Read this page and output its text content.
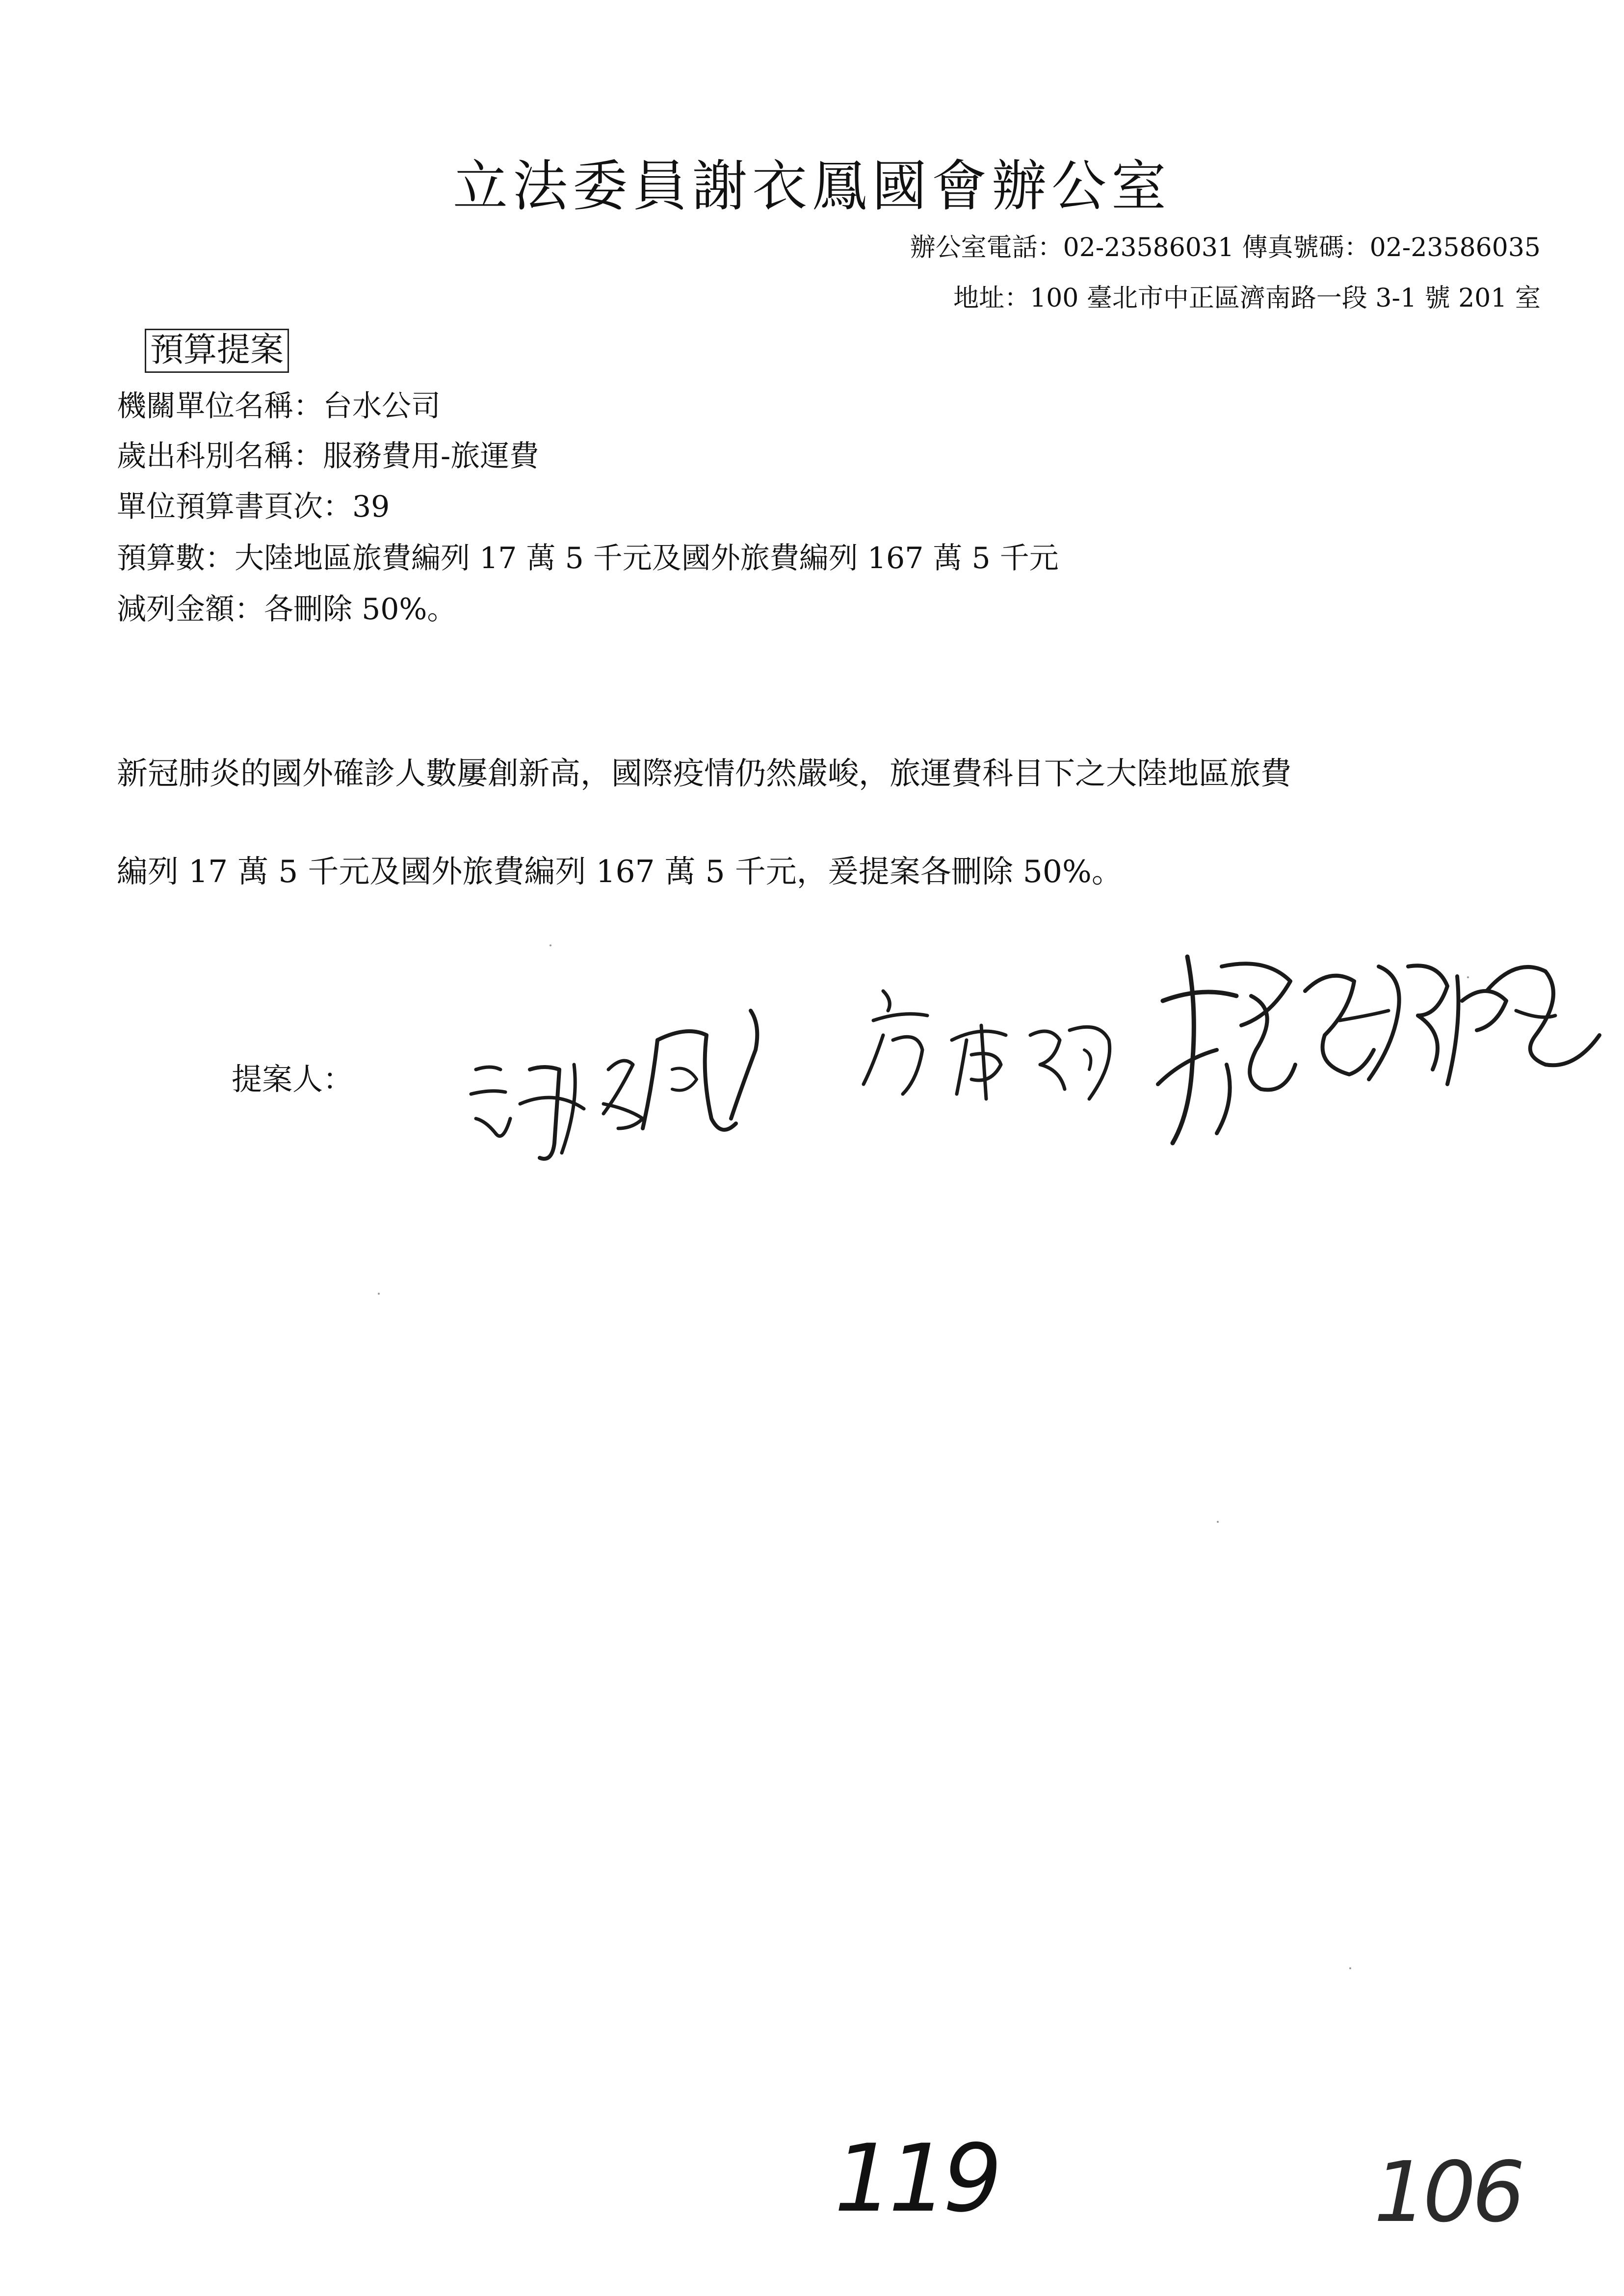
立法委員謝衣鳳國會辦公室
辦公室電話：02-23586031 傳真號碼：02-23586035
地址：100 臺北市中正區濟南路一段 3-1 號 201 室
預算提案
機關單位名稱：台水公司
歲出科別名稱：服務費用-旅運費
單位預算書頁次：39
預算數：大陸地區旅費編列 17 萬 5 千元及國外旅費編列 167 萬 5 千元
減列金額：各刪除 50%。
新冠肺炎的國外確診人數屢創新高，國際疫情仍然嚴峻，旅運費科目下之大陸地區旅費
編列 17 萬 5 千元及國外旅費編列 167 萬 5 千元，爰提案各刪除 50%。
提案人：
119	106
